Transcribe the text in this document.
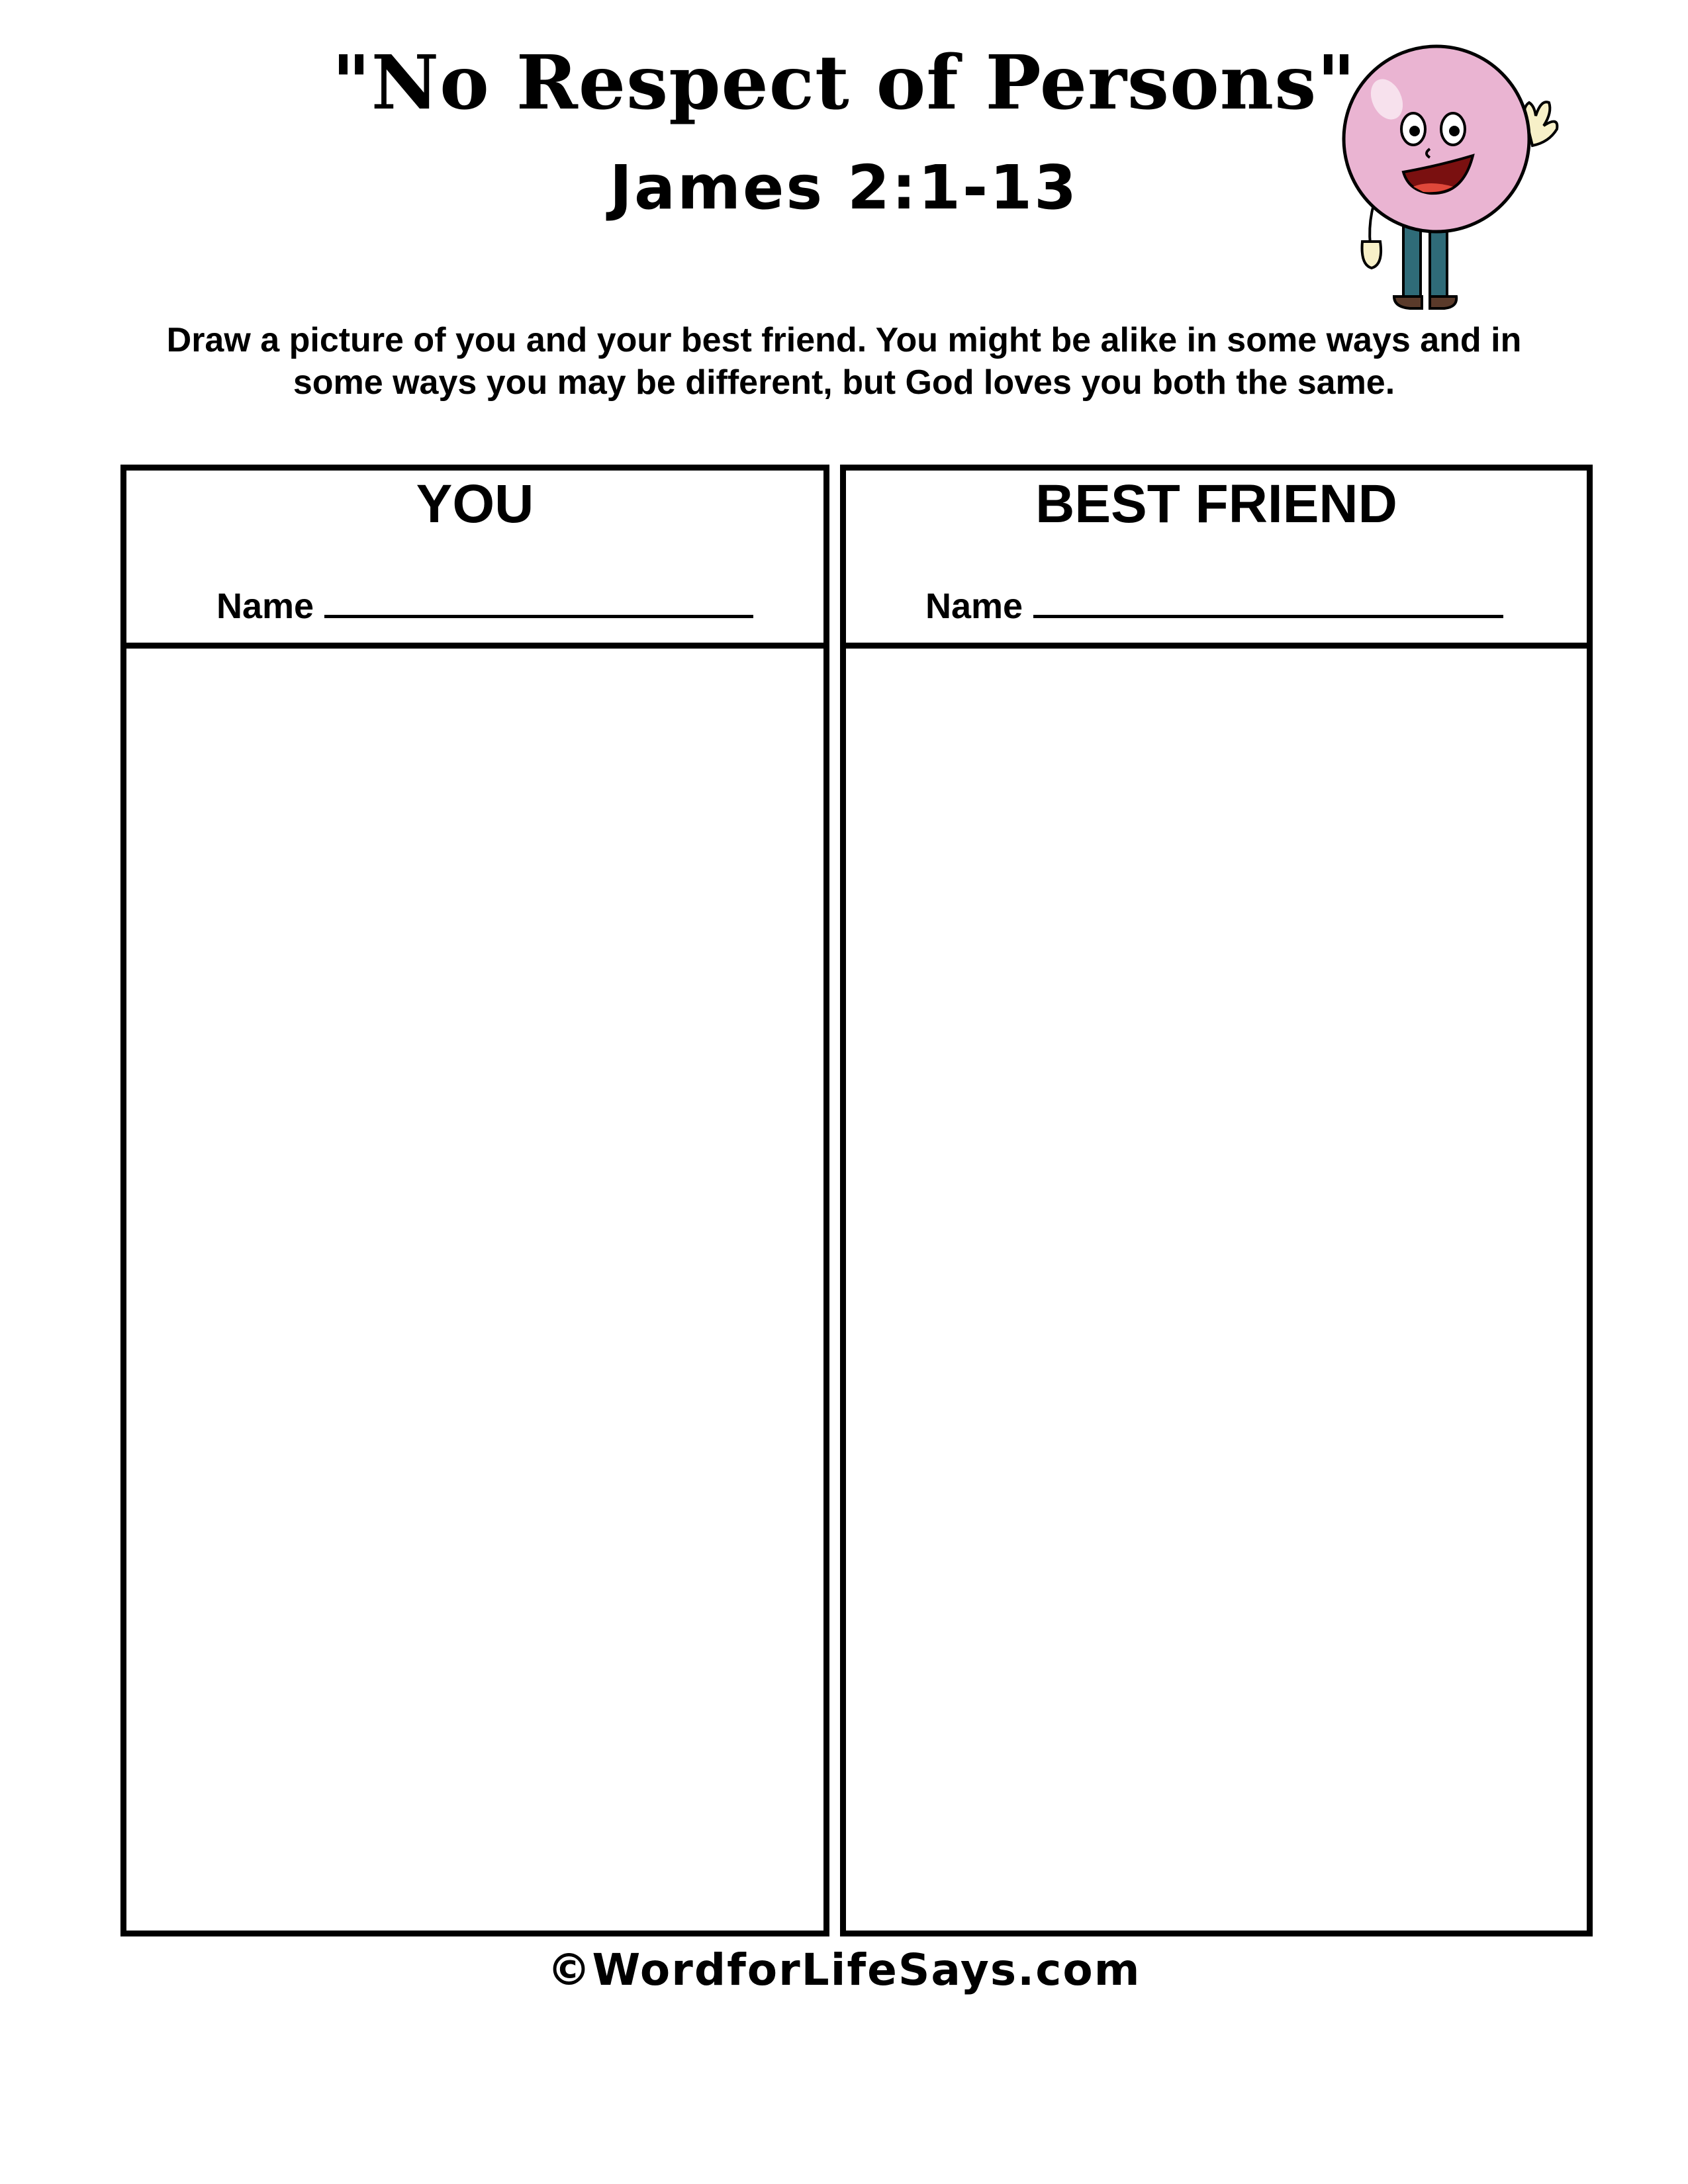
"No Respect of Persons"
James 2:1-13
Draw a picture of you and your best friend. You might be alike in some ways and in
some ways you may be different, but God loves you both the same.
YOU
Name
BEST FRIEND
Name
©WordforLifeSays.com
